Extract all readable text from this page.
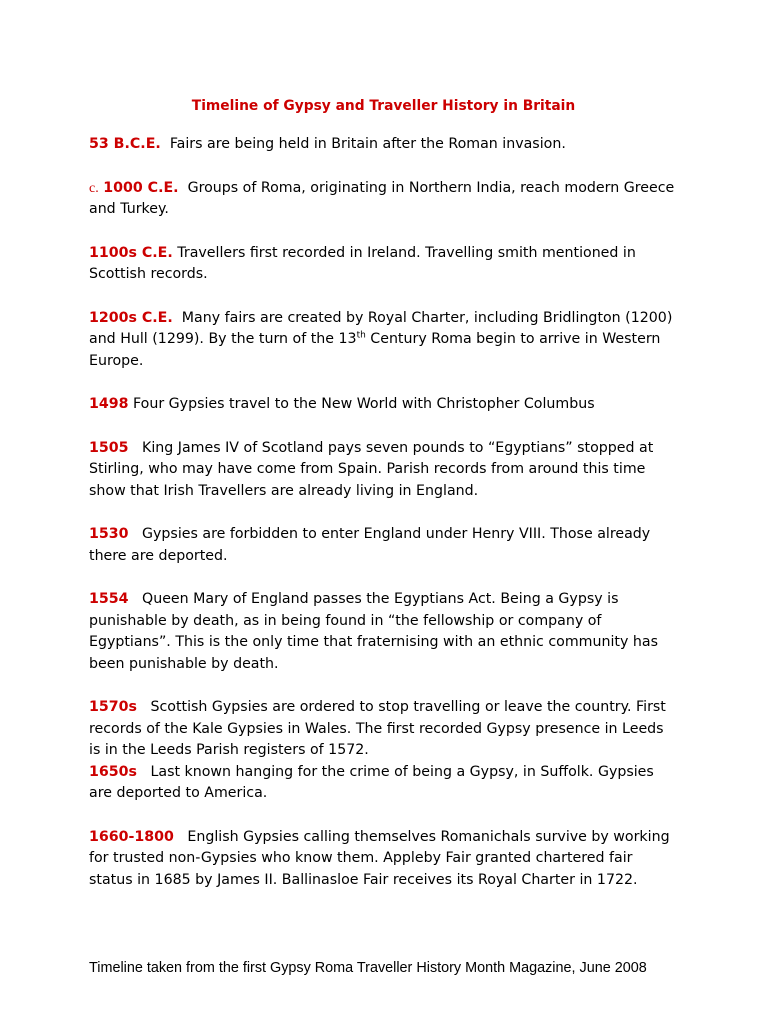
Timeline of Gypsy and Traveller History in Britain
53 B.C.E. Fairs are being held in Britain after the Roman invasion.
c. 1000 C.E. Groups of Roma, originating in Northern India, reach modern Greece and Turkey.
1100s C.E. Travellers first recorded in Ireland. Travelling smith mentioned in Scottish records.
1200s C.E. Many fairs are created by Royal Charter, including Bridlington (1200) and Hull (1299). By the turn of the 13th Century Roma begin to arrive in Western Europe.
1498 Four Gypsies travel to the New World with Christopher Columbus
1505 King James IV of Scotland pays seven pounds to “Egyptians” stopped at Stirling, who may have come from Spain. Parish records from around this time show that Irish Travellers are already living in England.
1530 Gypsies are forbidden to enter England under Henry VIII. Those already there are deported.
1554 Queen Mary of England passes the Egyptians Act. Being a Gypsy is punishable by death, as in being found in “the fellowship or company of Egyptians”. This is the only time that fraternising with an ethnic community has been punishable by death.
1570s Scottish Gypsies are ordered to stop travelling or leave the country. First records of the Kale Gypsies in Wales. The first recorded Gypsy presence in Leeds is in the Leeds Parish registers of 1572.
1650s Last known hanging for the crime of being a Gypsy, in Suffolk. Gypsies are deported to America.
1660-1800 English Gypsies calling themselves Romanichals survive by working for trusted non-Gypsies who know them. Appleby Fair granted chartered fair status in 1685 by James II. Ballinasloe Fair receives its Royal Charter in 1722.
Timeline taken from the first Gypsy Roma Traveller History Month Magazine, June 2008
